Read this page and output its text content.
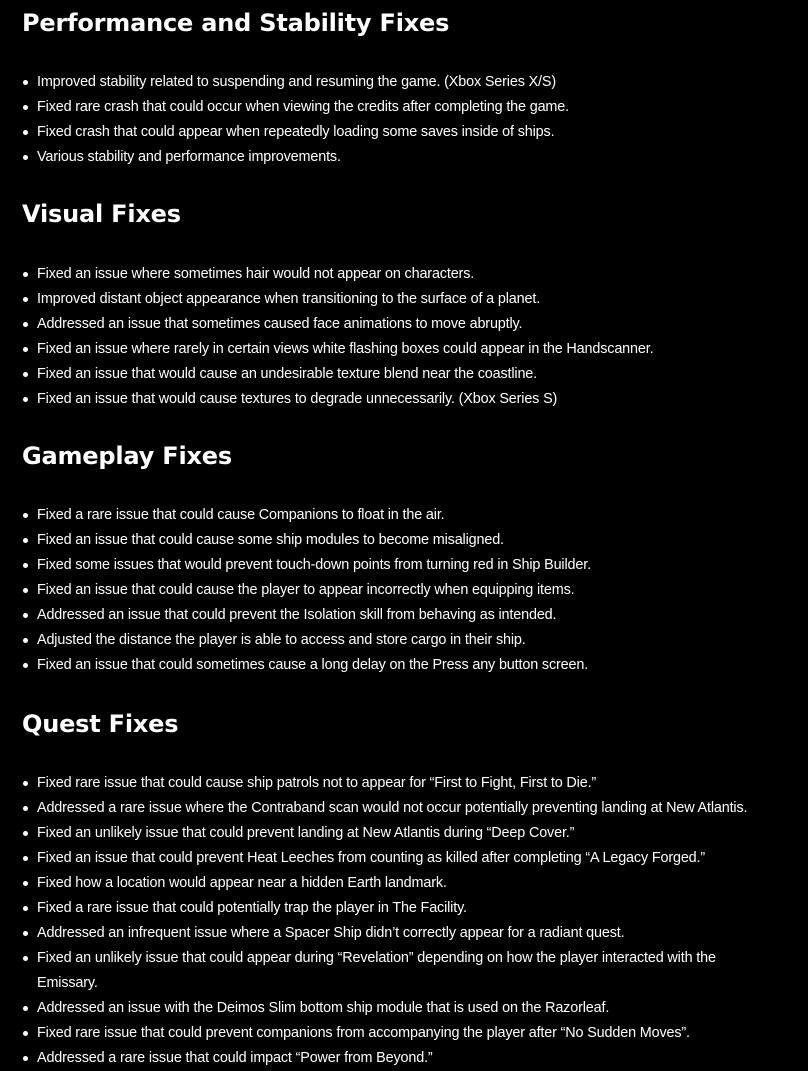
Performance and Stability Fixes
Improved stability related to suspending and resuming the game. (Xbox Series X/S)
Fixed rare crash that could occur when viewing the credits after completing the game.
Fixed crash that could appear when repeatedly loading some saves inside of ships.
Various stability and performance improvements.
Visual Fixes
Fixed an issue where sometimes hair would not appear on characters.
Improved distant object appearance when transitioning to the surface of a planet.
Addressed an issue that sometimes caused face animations to move abruptly.
Fixed an issue where rarely in certain views white flashing boxes could appear in the Handscanner.
Fixed an issue that would cause an undesirable texture blend near the coastline.
Fixed an issue that would cause textures to degrade unnecessarily. (Xbox Series S)
Gameplay Fixes
Fixed a rare issue that could cause Companions to float in the air.
Fixed an issue that could cause some ship modules to become misaligned.
Fixed some issues that would prevent touch-down points from turning red in Ship Builder.
Fixed an issue that could cause the player to appear incorrectly when equipping items.
Addressed an issue that could prevent the Isolation skill from behaving as intended.
Adjusted the distance the player is able to access and store cargo in their ship.
Fixed an issue that could sometimes cause a long delay on the Press any button screen.
Quest Fixes
Fixed rare issue that could cause ship patrols not to appear for “First to Fight, First to Die.”
Addressed a rare issue where the Contraband scan would not occur potentially preventing landing at New Atlantis.
Fixed an unlikely issue that could prevent landing at New Atlantis during “Deep Cover.”
Fixed an issue that could prevent Heat Leeches from counting as killed after completing “A Legacy Forged.”
Fixed how a location would appear near a hidden Earth landmark.
Fixed a rare issue that could potentially trap the player in The Facility.
Addressed an infrequent issue where a Spacer Ship didn’t correctly appear for a radiant quest.
Fixed an unlikely issue that could appear during “Revelation” depending on how the player interacted with the Emissary.
Addressed an issue with the Deimos Slim bottom ship module that is used on the Razorleaf.
Fixed rare issue that could prevent companions from accompanying the player after “No Sudden Moves”.
Addressed a rare issue that could impact “Power from Beyond.”
